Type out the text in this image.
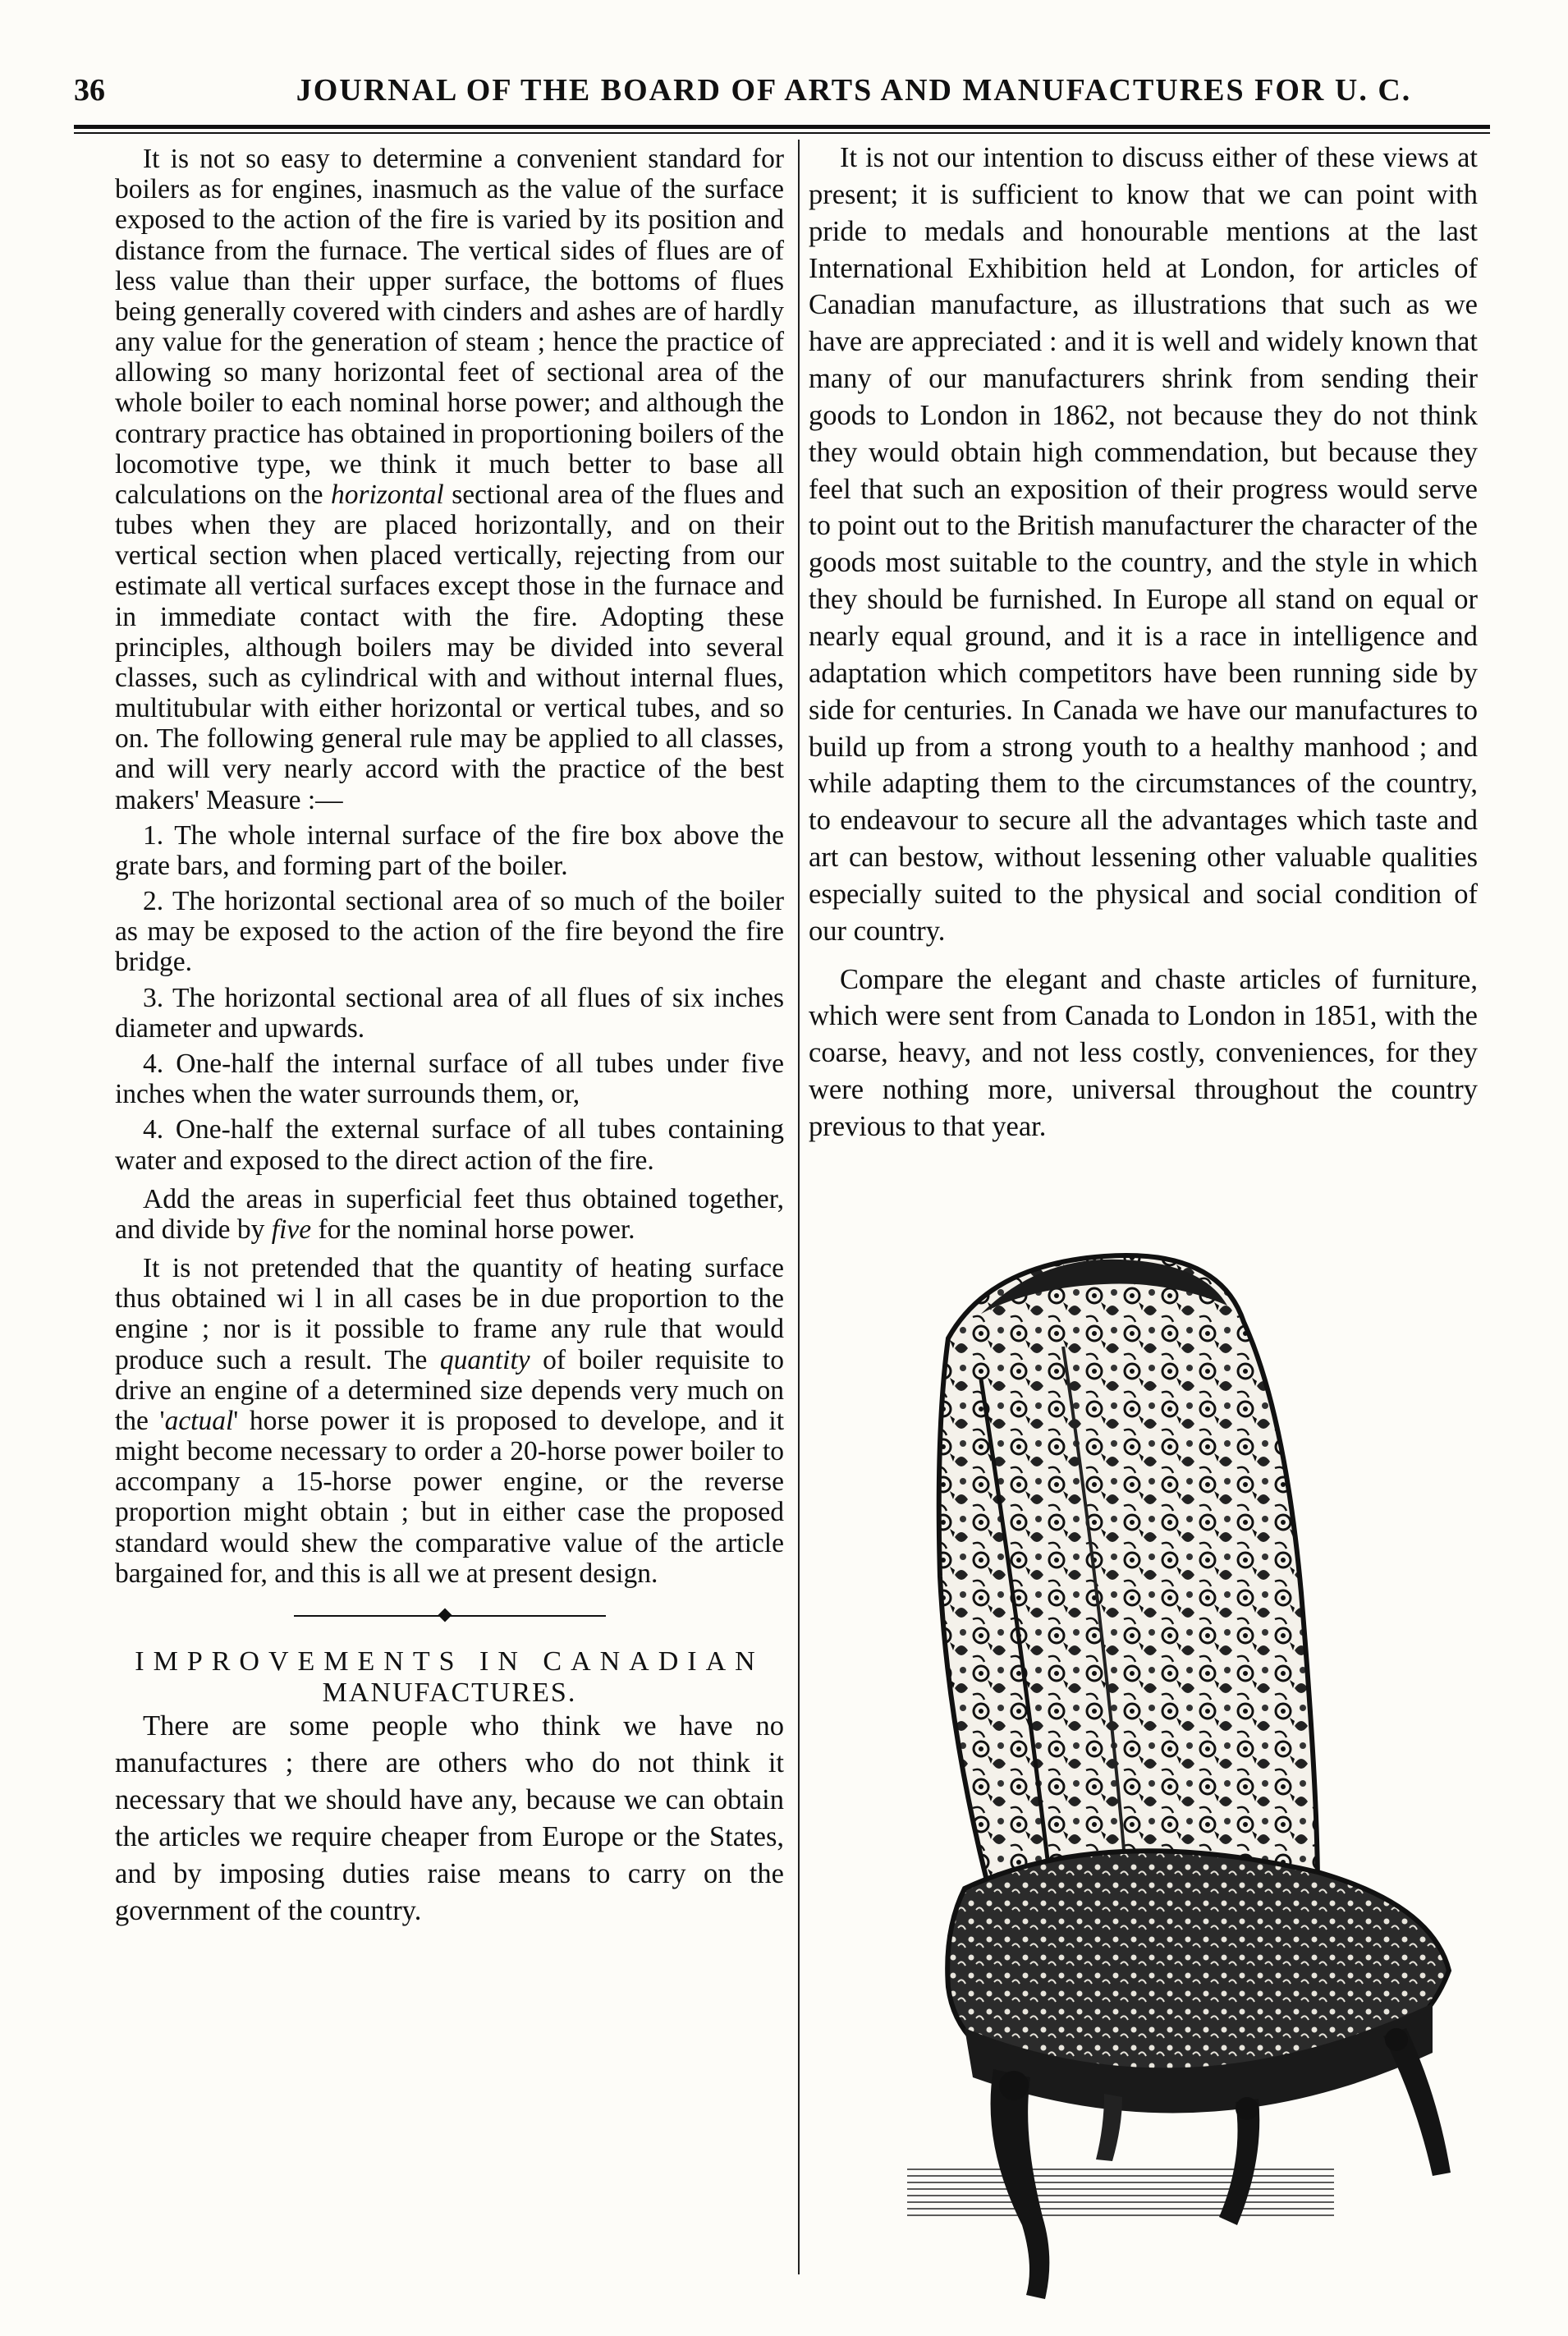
36	JOURNAL OF THE BOARD OF ARTS AND MANUFACTURES FOR U. C.

It is not so easy to determine a convenient standard for boilers as for engines, inasmuch as the value of the surface exposed to the action of the fire is varied by its position and distance from the furnace. The vertical sides of flues are of less value than their upper surface, the bottoms of flues being generally covered with cinders and ashes are of hardly any value for the generation of steam ; hence the practice of allowing so many horizontal feet of sectional area of the whole boiler to each nominal horse power; and although the contrary practice has obtained in proportioning boilers of the locomotive type, we think it much better to base all calculations on the horizontal sectional area of the flues and tubes when they are placed horizontally, and on their vertical section when placed vertically, rejecting from our estimate all vertical surfaces except those in the furnace and in immediate contact with the fire. Adopting these principles, although boilers may be divided into several classes, such as cylindrical with and without internal flues, multitubular with either horizontal or vertical tubes, and so on. The following general rule may be applied to all classes, and will very nearly accord with the practice of the best makers' Measure :—

1. The whole internal surface of the fire box above the grate bars, and forming part of the boiler.

2. The horizontal sectional area of so much of the boiler as may be exposed to the action of the fire beyond the fire bridge.

3. The horizontal sectional area of all flues of six inches diameter and upwards.

4. One-half the internal surface of all tubes under five inches when the water surrounds them, or,

4. One-half the external surface of all tubes containing water and exposed to the direct action of the fire.

Add the areas in superficial feet thus obtained together, and divide by five for the nominal horse power.

It is not pretended that the quantity of heating surface thus obtained wi l in all cases be in due proportion to the engine ; nor is it possible to frame any rule that would produce such a result. The quantity of boiler requisite to drive an engine of a determined size depends very much on the 'actual' horse power it is proposed to develope, and it might become necessary to order a 20-horse power boiler to accompany a 15-horse power engine, or the reverse proportion might obtain ; but in either case the proposed standard would shew the comparative value of the article bargained for, and this is all we at present design.

IMPROVEMENTS IN CANADIAN

MANUFACTURES.

There are some people who think we have no manufactures ; there are others who do not think it necessary that we should have any, because we can obtain the articles we require cheaper from Europe or the States, and by imposing duties raise means to carry on the government of the country.

It is not our intention to discuss either of these views at present; it is sufficient to know that we can point with pride to medals and honourable mentions at the last International Exhibition held at London, for articles of Canadian manufacture, as illustrations that such as we have are appreciated : and it is well and widely known that many of our manufacturers shrink from sending their goods to London in 1862, not because they do not think they would obtain high commendation, but because they feel that such an exposition of their progress would serve to point out to the British manufacturer the character of the goods most suitable to the country, and the style in which they should be furnished. In Europe all stand on equal or nearly equal ground, and it is a race in intelligence and adaptation which competitors have been running side by side for centuries. In Canada we have our manufactures to build up from a strong youth to a healthy manhood ; and while adapting them to the circumstances of the country, to endeavour to secure all the advantages which taste and art can bestow, without lessening other valuable qualities especially suited to the physical and social condition of our country.

Compare the elegant and chaste articles of furniture, which were sent from Canada to London in 1851, with the coarse, heavy, and not less costly, conveniences, for they were nothing more, universal throughout the country previous to that year.
